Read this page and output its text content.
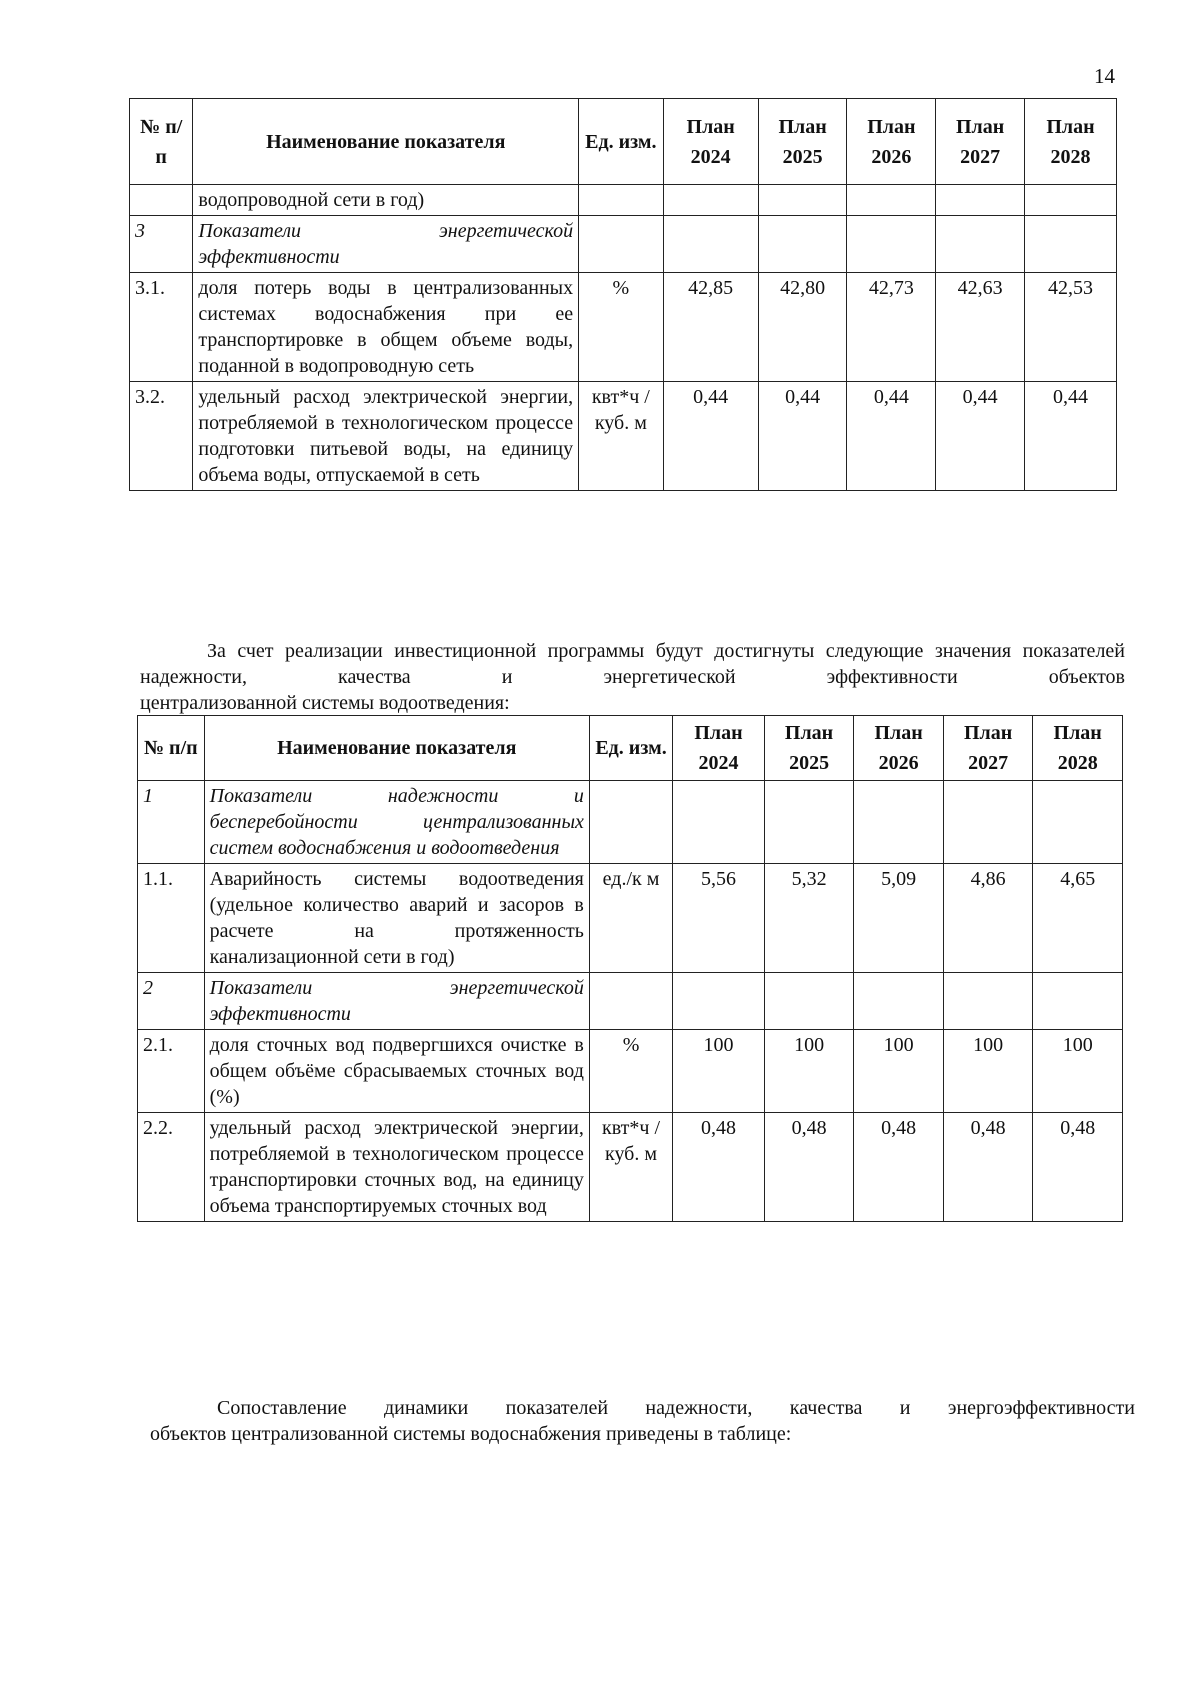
14
№ п/п	Наименование показателя	Ед. изм.	План 2024	План 2025	План 2026	План 2027	План 2028
	водопроводной сети в год)						
3	Показатели энергетической эффективности						
3.1.	доля потерь воды в централизованных системах водоснабжения при ее транспортировке в общем объеме воды, поданной в водопроводную сеть	%	42,85	42,80	42,73	42,63	42,53
3.2.	удельный расход электрической энергии, потребляемой в технологическом процессе подготовки питьевой воды, на единицу объема воды, отпускаемой в сеть	квт*ч /куб. м	0,44	0,44	0,44	0,44	0,44
За счет реализации инвестиционной программы будут достигнуты следующие значения показателей надежности, качества и энергетической эффективности объектов
централизованной системы водоотведения:
№ п/п	Наименование показателя	Ед. изм.	План 2024	План 2025	План 2026	План 2027	План 2028
1	Показатели надежности и бесперебойности централизованных систем водоснабжения и водоотведения						
1.1.	Аварийность системы водоотведения (удельное количество аварий и засоров в расчете на протяженность канализационной сети в год)	ед./к м	5,56	5,32	5,09	4,86	4,65
2	Показатели энергетической эффективности						
2.1.	доля сточных вод подвергшихся очистке в общем объёме сбрасываемых сточных вод (%)	%	100	100	100	100	100
2.2.	удельный расход электрической энергии, потребляемой в технологическом процессе транспортировки сточных вод, на единицу объема транспортируемых сточных вод	квт*ч /куб. м	0,48	0,48	0,48	0,48	0,48
Сопоставление динамики показателей надежности, качества и энергоэффективности
объектов централизованной системы водоснабжения приведены в таблице:
